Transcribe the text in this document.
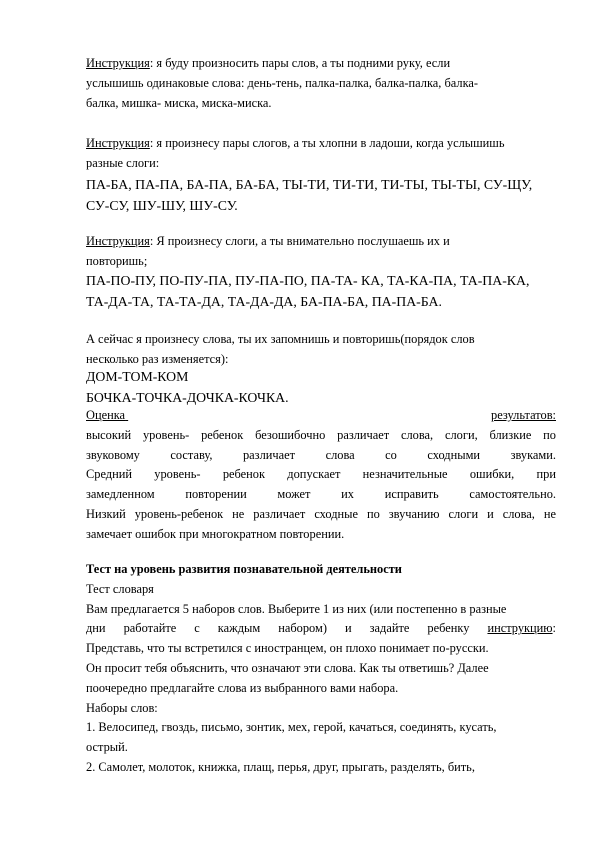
Инструкция: я буду произносить пары слов, а ты подними руку, если
услышишь одинаковые слова: день-тень, палка-палка, балка-палка, балка-
балка, мишка- миска, миска-миска.

Инструкция: я произнесу пары слогов, а ты хлопни в ладоши, когда услышишь
разные слоги:

ПА-БА, ПА-ПА, БА-ПА, БА-БА, ТЫ-ТИ, ТИ-ТИ, ТИ-ТЫ, ТЫ-ТЫ, СУ-ЩУ,
СУ-СУ, ШУ-ШУ, ШУ-СУ.

Инструкция: Я произнесу слоги, а ты внимательно послушаешь их и
повторишь;

ПА-ПО-ПУ, ПО-ПУ-ПА, ПУ-ПА-ПО, ПА-ТА- КА, ТА-КА-ПА, ТА-ПА-КА,
ТА-ДА-ТА, ТА-ТА-ДА, ТА-ДА-ДА, БА-ПА-БА, ПА-ПА-БА.

А сейчас я произнесу слова, ты их запомнишь и повторишь(порядок слов
несколько раз изменяется):

ДОМ-ТОМ-КОМ
БОЧКА-ТОЧКА-ДОЧКА-КОЧКА.

Оценка
	результатов:
высокий уровень- ребенок безошибочно различает слова, слоги, близкие по
звуковому составу, различает слова со сходными звуками.
Средний уровень- ребенок допускает незначительные ошибки, при
замедленном повторении может их исправить самостоятельно.
Низкий уровень-ребенок не различает сходные по звучанию слоги и слова, не
замечает ошибок при многократном повторении.
Тест на уровень развития познавательной деятельности
Тест словаря
Вам предлагается 5 наборов слов. Выберите 1 из них (или постепенно в разные
дни работайте с каждым набором) и задайте ребенку инструкцию:
Представь, что ты встретился с иностранцем, он плохо понимает по-русски.
Он просит тебя объяснить, что означают эти слова. Как ты ответишь? Далее
поочередно предлагайте слова из выбранного вами набора.
Наборы слов:
1. Велосипед, гвоздь, письмо, зонтик, мех, герой, качаться, соединять, кусать,
острый.
2. Самолет, молоток, книжка, плащ, перья, друг, прыгать, разделять, бить,
